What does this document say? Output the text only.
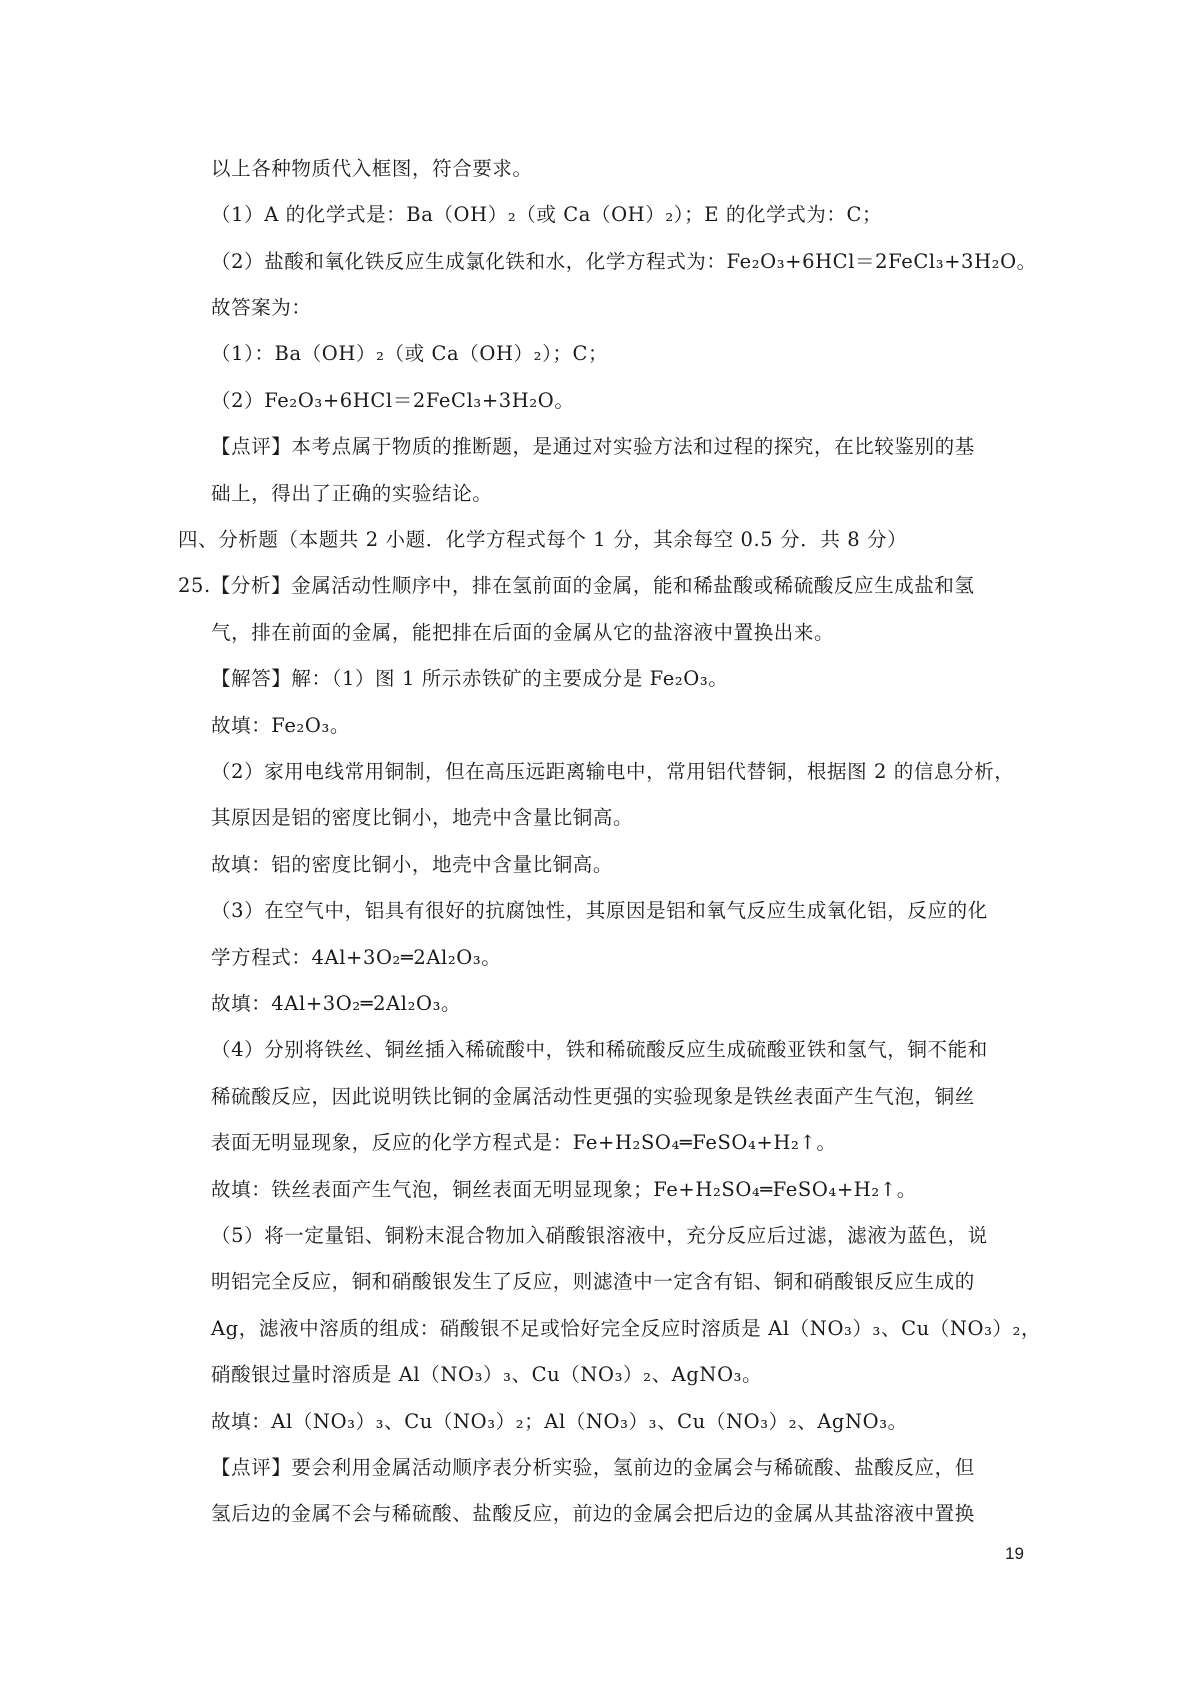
以上各种物质代入框图，符合要求。
（1）A 的化学式是：Ba（OH）₂（或 Ca（OH）₂）；E 的化学式为：C；
（2）盐酸和氧化铁反应生成氯化铁和水，化学方程式为：Fe₂O₃+6HCl＝2FeCl₃+3H₂O。
故答案为：
（1）：Ba（OH）₂（或 Ca（OH）₂）；C；
（2）Fe₂O₃+6HCl＝2FeCl₃+3H₂O。
【点评】本考点属于物质的推断题，是通过对实验方法和过程的探究，在比较鉴别的基
础上，得出了正确的实验结论。
四、分析题（本题共 2 小题．化学方程式每个 1 分，其余每空 0.5 分．共 8 分）
25.【分析】金属活动性顺序中，排在氢前面的金属，能和稀盐酸或稀硫酸反应生成盐和氢
气，排在前面的金属，能把排在后面的金属从它的盐溶液中置换出来。
【解答】解：（1）图 1 所示赤铁矿的主要成分是 Fe₂O₃。
故填：Fe₂O₃。
（2）家用电线常用铜制，但在高压远距离输电中，常用铝代替铜，根据图 2 的信息分析，
其原因是铝的密度比铜小，地壳中含量比铜高。
故填：铝的密度比铜小，地壳中含量比铜高。
（3）在空气中，铝具有很好的抗腐蚀性，其原因是铝和氧气反应生成氧化铝，反应的化
学方程式：4Al+3O₂═2Al₂O₃。
故填：4Al+3O₂═2Al₂O₃。
（4）分别将铁丝、铜丝插入稀硫酸中，铁和稀硫酸反应生成硫酸亚铁和氢气，铜不能和
稀硫酸反应，因此说明铁比铜的金属活动性更强的实验现象是铁丝表面产生气泡，铜丝
表面无明显现象，反应的化学方程式是：Fe+H₂SO₄═FeSO₄+H₂↑。
故填：铁丝表面产生气泡，铜丝表面无明显现象；Fe+H₂SO₄═FeSO₄+H₂↑。
（5）将一定量铝、铜粉末混合物加入硝酸银溶液中，充分反应后过滤，滤液为蓝色，说
明铝完全反应，铜和硝酸银发生了反应，则滤渣中一定含有铝、铜和硝酸银反应生成的
Ag，滤液中溶质的组成：硝酸银不足或恰好完全反应时溶质是 Al（NO₃）₃、Cu（NO₃）₂，
硝酸银过量时溶质是 Al（NO₃）₃、Cu（NO₃）₂、AgNO₃。
故填：Al（NO₃）₃、Cu（NO₃）₂；Al（NO₃）₃、Cu（NO₃）₂、AgNO₃。
【点评】要会利用金属活动顺序表分析实验，氢前边的金属会与稀硫酸、盐酸反应，但
氢后边的金属不会与稀硫酸、盐酸反应，前边的金属会把后边的金属从其盐溶液中置换
19
